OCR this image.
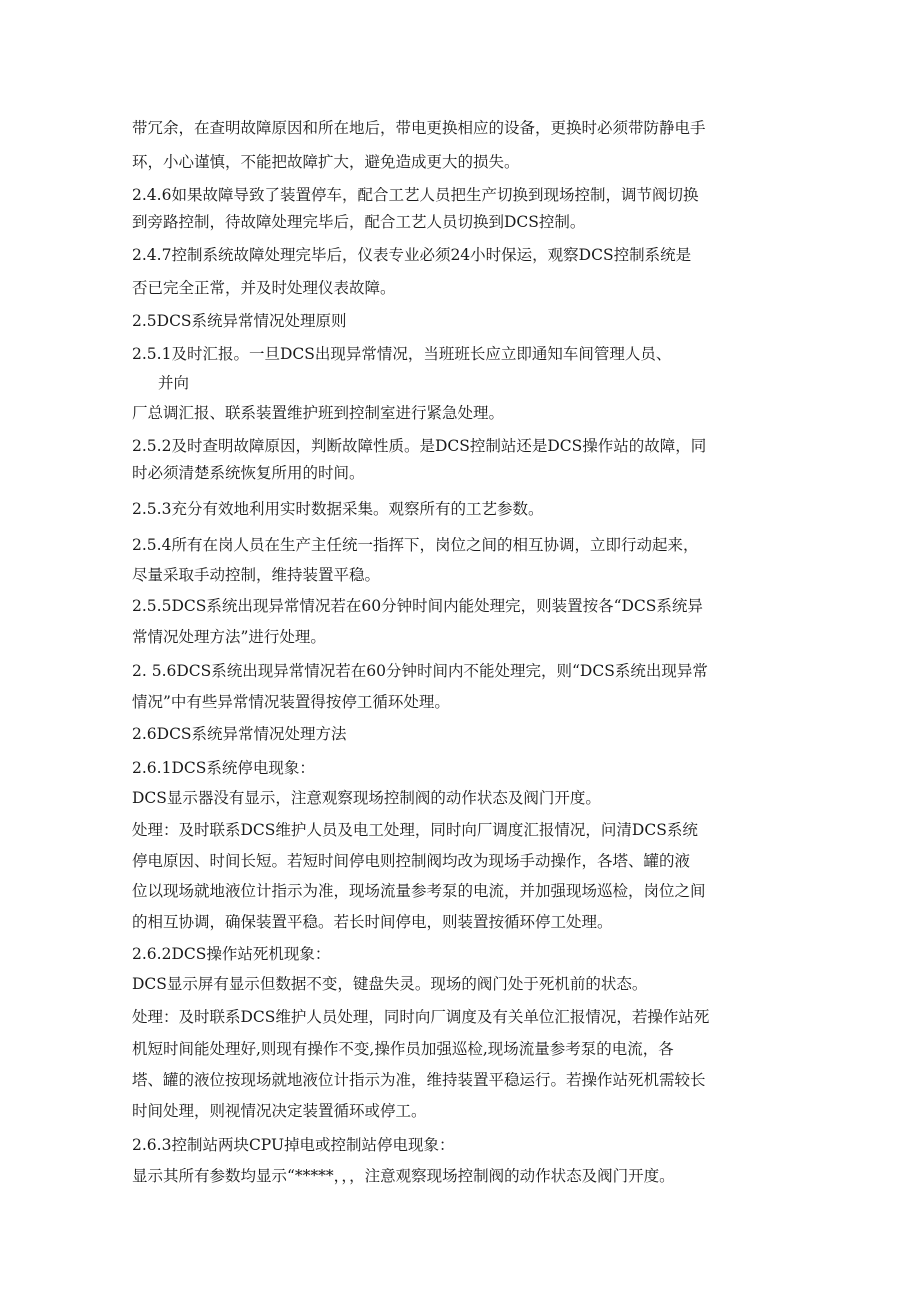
带冗余，在查明故障原因和所在地后，带电更换相应的设备，更换时必须带防静电手

环，小心谨慎，不能把故障扩大，避免造成更大的损失。

2.4.6如果故障导致了装置停车，配合工艺人员把生产切换到现场控制，调节阀切换

到旁路控制，待故障处理完毕后，配合工艺人员切换到DCS控制。

2.4.7控制系统故障处理完毕后，仪表专业必须24小时保运，观察DCS控制系统是

否已完全正常，并及时处理仪表故障。

2.5DCS系统异常情况处理原则

2.5.1及时汇报。一旦DCS出现异常情况，当班班长应立即通知车间管理人员、

并向

厂总调汇报、联系装置维护班到控制室进行紧急处理。

2.5.2及时查明故障原因，判断故障性质。是DCS控制站还是DCS操作站的故障，同

时必须清楚系统恢复所用的时间。

2.5.3充分有效地利用实时数据采集。观察所有的工艺参数。

2.5.4所有在岗人员在生产主任统一指挥下，岗位之间的相互协调，立即行动起来，

尽量采取手动控制，维持装置平稳。

2.5.5DCS系统出现异常情况若在60分钟时间内能处理完，则装置按各“DCS系统异

常情况处理方法”进行处理。

2. 5.6DCS系统出现异常情况若在60分钟时间内不能处理完，则“DCS系统出现异常

情况”中有些异常情况装置得按停工循环处理。

2.6DCS系统异常情况处理方法

2.6.1DCS系统停电现象：

DCS显示器没有显示，注意观察现场控制阀的动作状态及阀门开度。

处理：及时联系DCS维护人员及电工处理，同时向厂调度汇报情况，问清DCS系统

停电原因、时间长短。若短时间停电则控制阀均改为现场手动操作，各塔、罐的液

位以现场就地液位计指示为准，现场流量参考泵的电流，并加强现场巡检，岗位之间

的相互协调，确保装置平稳。若长时间停电，则装置按循环停工处理。

2.6.2DCS操作站死机现象：

DCS显示屏有显示但数据不变，键盘失灵。现场的阀门处于死机前的状态。

处理：及时联系DCS维护人员处理，同时向厂调度及有关单位汇报情况，若操作站死

机短时间能处理好,则现有操作不变,操作员加强巡检,现场流量参考泵的电流，各

塔、罐的液位按现场就地液位计指示为准，维持装置平稳运行。若操作站死机需较长

时间处理，则视情况决定装置循环或停工。

2.6.3控制站两块CPU掉电或控制站停电现象：

显示其所有参数均显示“*****，，，注意观察现场控制阀的动作状态及阀门开度。
